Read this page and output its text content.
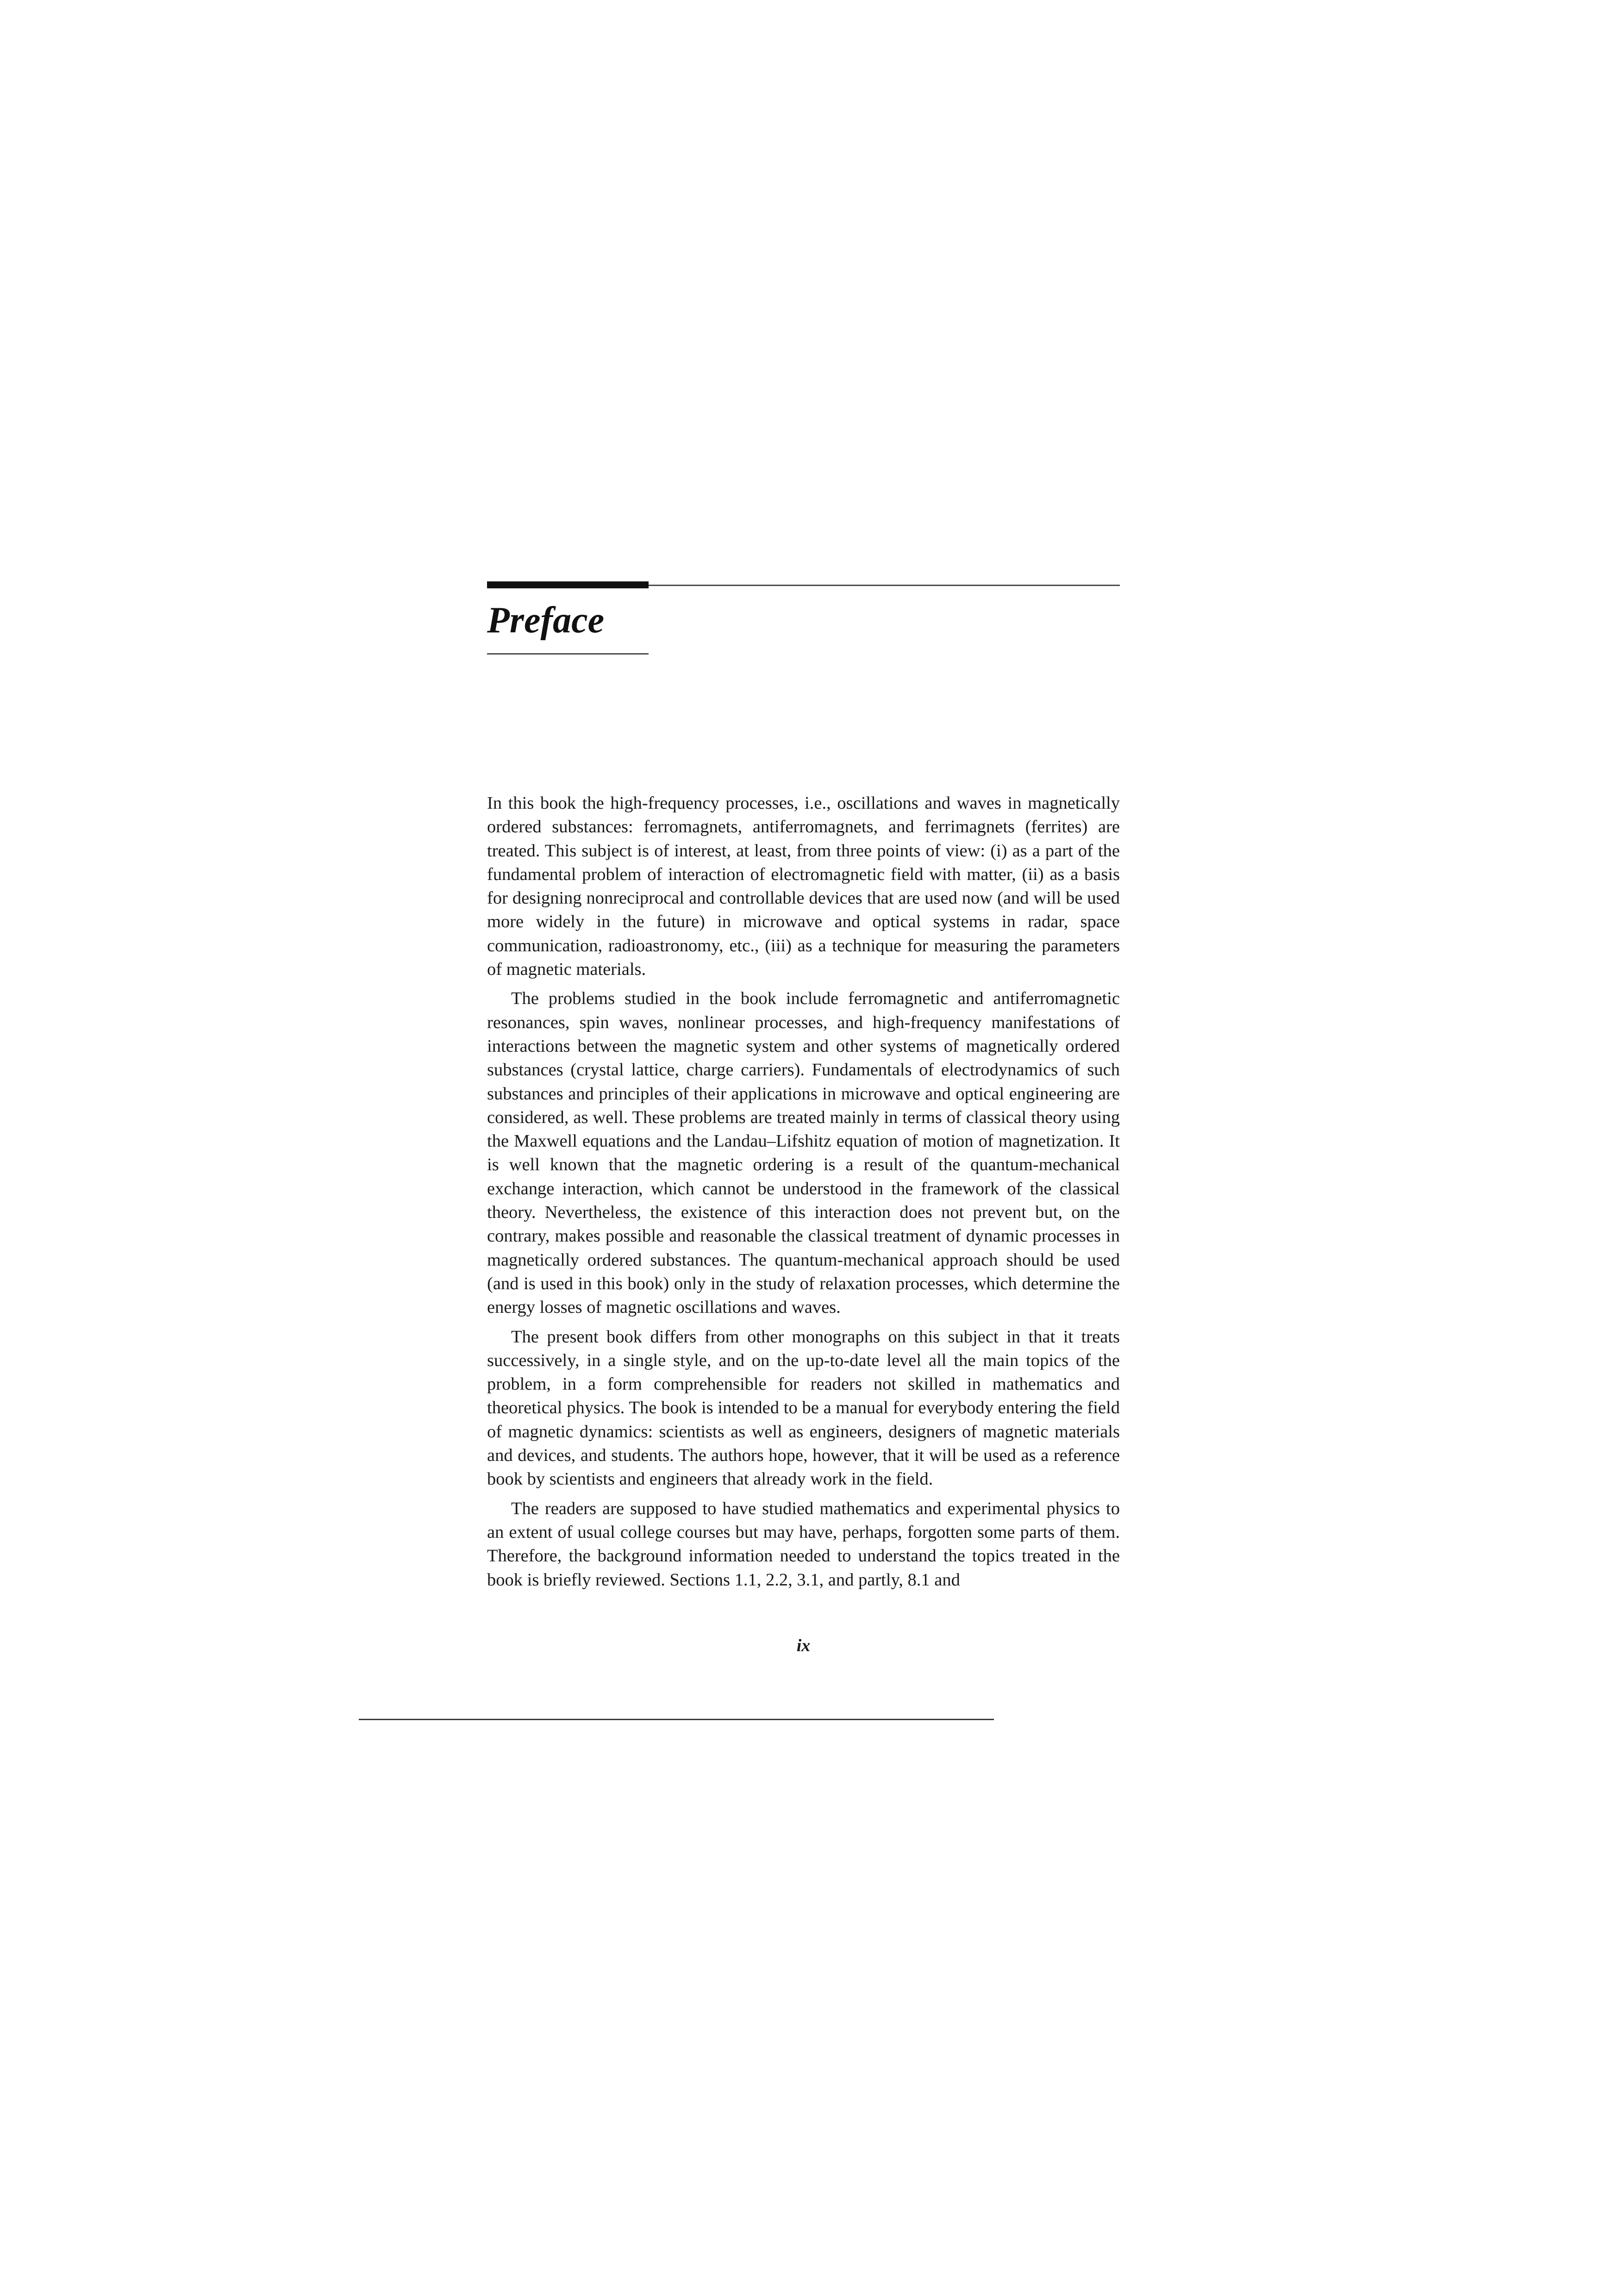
Preface

In this book the high-frequency processes, i.e., oscillations and waves in magnetically ordered substances: ferromagnets, antiferromagnets, and ferrimagnets (ferrites) are treated. This subject is of interest, at least, from three points of view: (i) as a part of the fundamental problem of interaction of electromagnetic field with matter, (ii) as a basis for designing nonreciprocal and controllable devices that are used now (and will be used more widely in the future) in microwave and optical systems in radar, space communication, radioastronomy, etc., (iii) as a technique for measuring the parameters of magnetic materials.

The problems studied in the book include ferromagnetic and antiferromagnetic resonances, spin waves, nonlinear processes, and high-frequency manifestations of interactions between the magnetic system and other systems of magnetically ordered substances (crystal lattice, charge carriers). Fundamentals of electrodynamics of such substances and principles of their applications in microwave and optical engineering are considered, as well. These problems are treated mainly in terms of classical theory using the Maxwell equations and the Landau–Lifshitz equation of motion of magnetization. It is well known that the magnetic ordering is a result of the quantum-mechanical exchange interaction, which cannot be understood in the framework of the classical theory. Nevertheless, the existence of this interaction does not prevent but, on the contrary, makes possible and reasonable the classical treatment of dynamic processes in magnetically ordered substances. The quantum-mechanical approach should be used (and is used in this book) only in the study of relaxation processes, which determine the energy losses of magnetic oscillations and waves.

The present book differs from other monographs on this subject in that it treats successively, in a single style, and on the up-to-date level all the main topics of the problem, in a form comprehensible for readers not skilled in mathematics and theoretical physics. The book is intended to be a manual for everybody entering the field of magnetic dynamics: scientists as well as engineers, designers of magnetic materials and devices, and students. The authors hope, however, that it will be used as a reference book by scientists and engineers that already work in the field.

The readers are supposed to have studied mathematics and experimental physics to an extent of usual college courses but may have, perhaps, forgotten some parts of them. Therefore, the background information needed to understand the topics treated in the book is briefly reviewed. Sections 1.1, 2.2, 3.1, and partly, 8.1 and

ix
